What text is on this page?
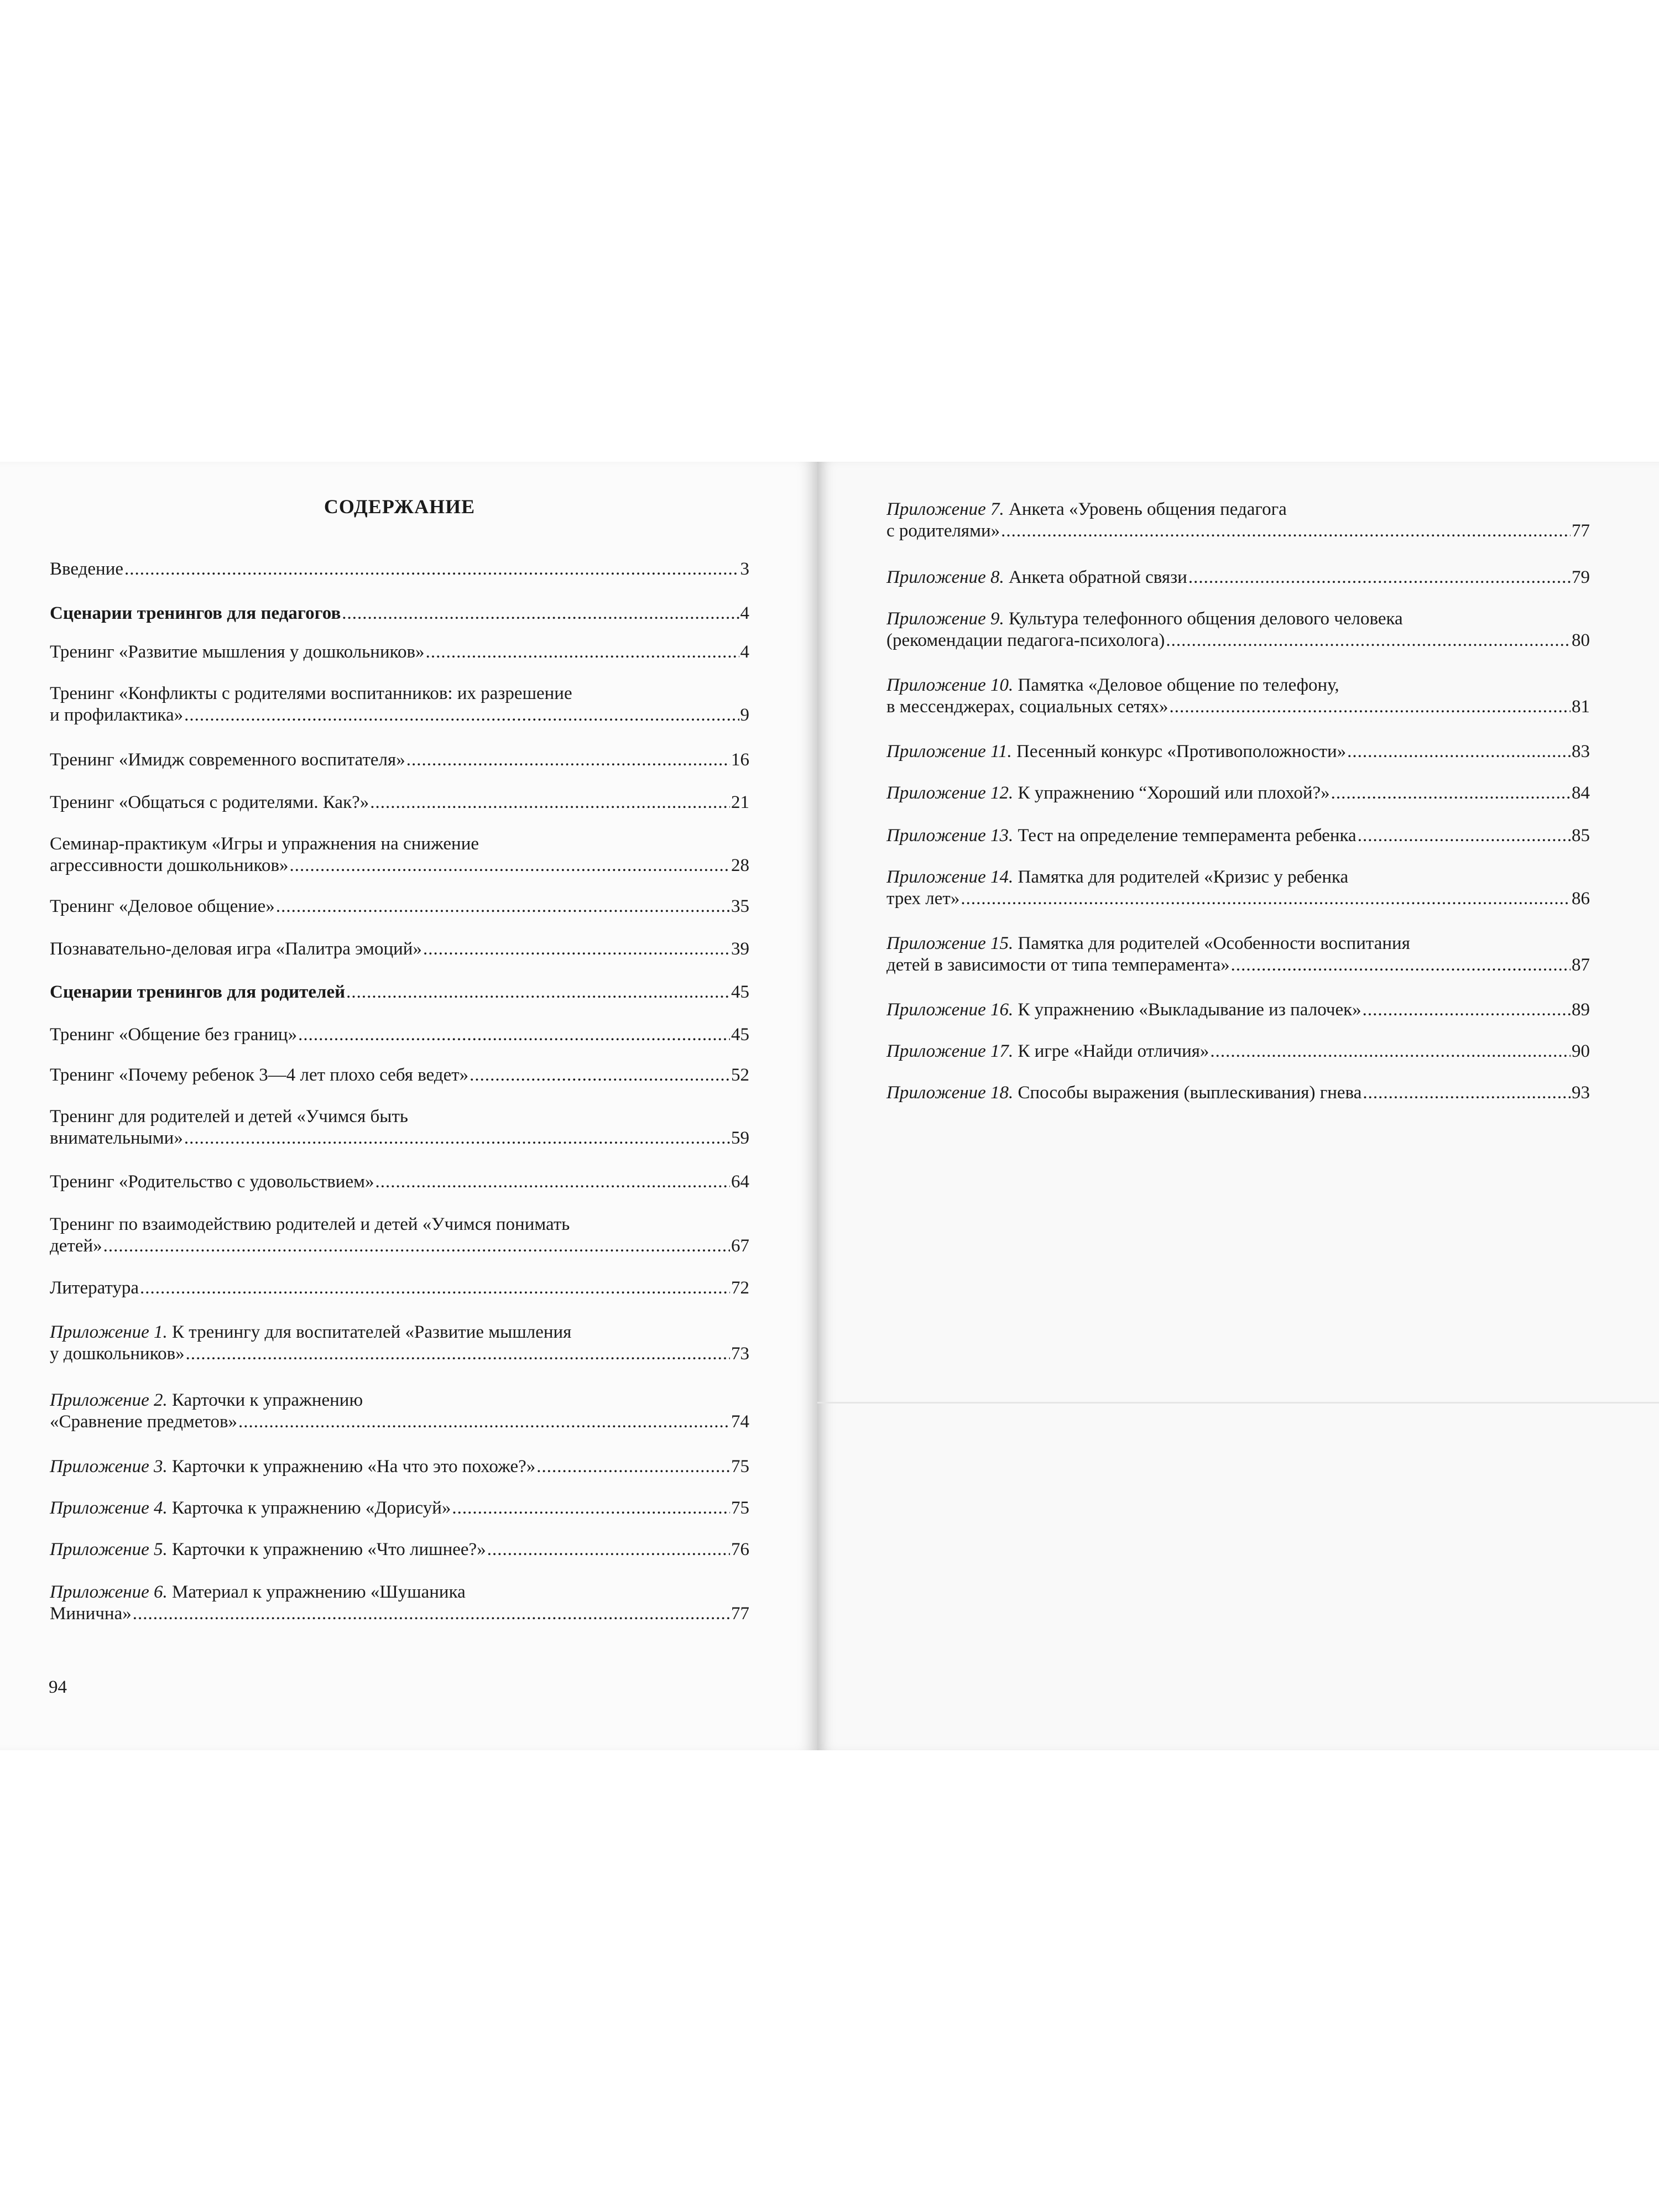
СОДЕРЖАНИЕ
Введение .....	3
Сценарии тренингов для педагогов .....	4
Тренинг «Развитие мышления у дошкольников» .....	4
Тренинг «Конфликты с родителями воспитанников: их разрешение
и профилактика» .....	9
Тренинг «Имидж современного воспитателя» .....	16
Тренинг «Общаться с родителями. Как?» .....	21
Семинар-практикум «Игры и упражнения на снижение
агрессивности дошкольников» .....	28
Тренинг «Деловое общение» .....	35
Познавательно-деловая игра «Палитра эмоций» .....	39
Сценарии тренингов для родителей .....	45
Тренинг «Общение без границ» .....	45
Тренинг «Почему ребенок 3—4 лет плохо себя ведет» .....	52
Тренинг для родителей и детей «Учимся быть
внимательными» .....	59
Тренинг «Родительство с удовольствием» .....	64
Тренинг по взаимодействию родителей и детей «Учимся понимать
детей» .....	67
Литература .....	72
Приложение 1. К тренингу для воспитателей «Развитие мышления
у дошкольников» .....	73
Приложение 2. Карточки к упражнению
«Сравнение предметов» .....	74
Приложение 3. Карточки к упражнению «На что это похоже?» .....	75
Приложение 4. Карточка к упражнению «Дорисуй» .....	75
Приложение 5. Карточки к упражнению «Что лишнее?» .....	76
Приложение 6. Материал к упражнению «Шушаника
Миничнa» .....	77
Приложение 7. Анкета «Уровень общения педагога
с родителями» .....	77
Приложение 8. Анкета обратной связи .....	79
Приложение 9. Культура телефонного общения делового человека
(рекомендации педагога-психолога) .....	80
Приложение 10. Памятка «Деловое общение по телефону,
в мессенджерах, социальных сетях» .....	81
Приложение 11. Песенный конкурс «Противоположности» .....	83
Приложение 12. К упражнению “Хороший или плохой?» .....	84
Приложение 13. Тест на определение темперамента ребенка .....	85
Приложение 14. Памятка для родителей «Кризис у ребенка
трех лет» .....	86
Приложение 15. Памятка для родителей «Особенности воспитания
детей в зависимости от типа темперамента» .....	87
Приложение 16. К упражнению «Выкладывание из палочек» .....	89
Приложение 17. К игре «Найди отличия» .....	90
Приложение 18. Способы выражения (выплескивания) гнева .....	93
94
